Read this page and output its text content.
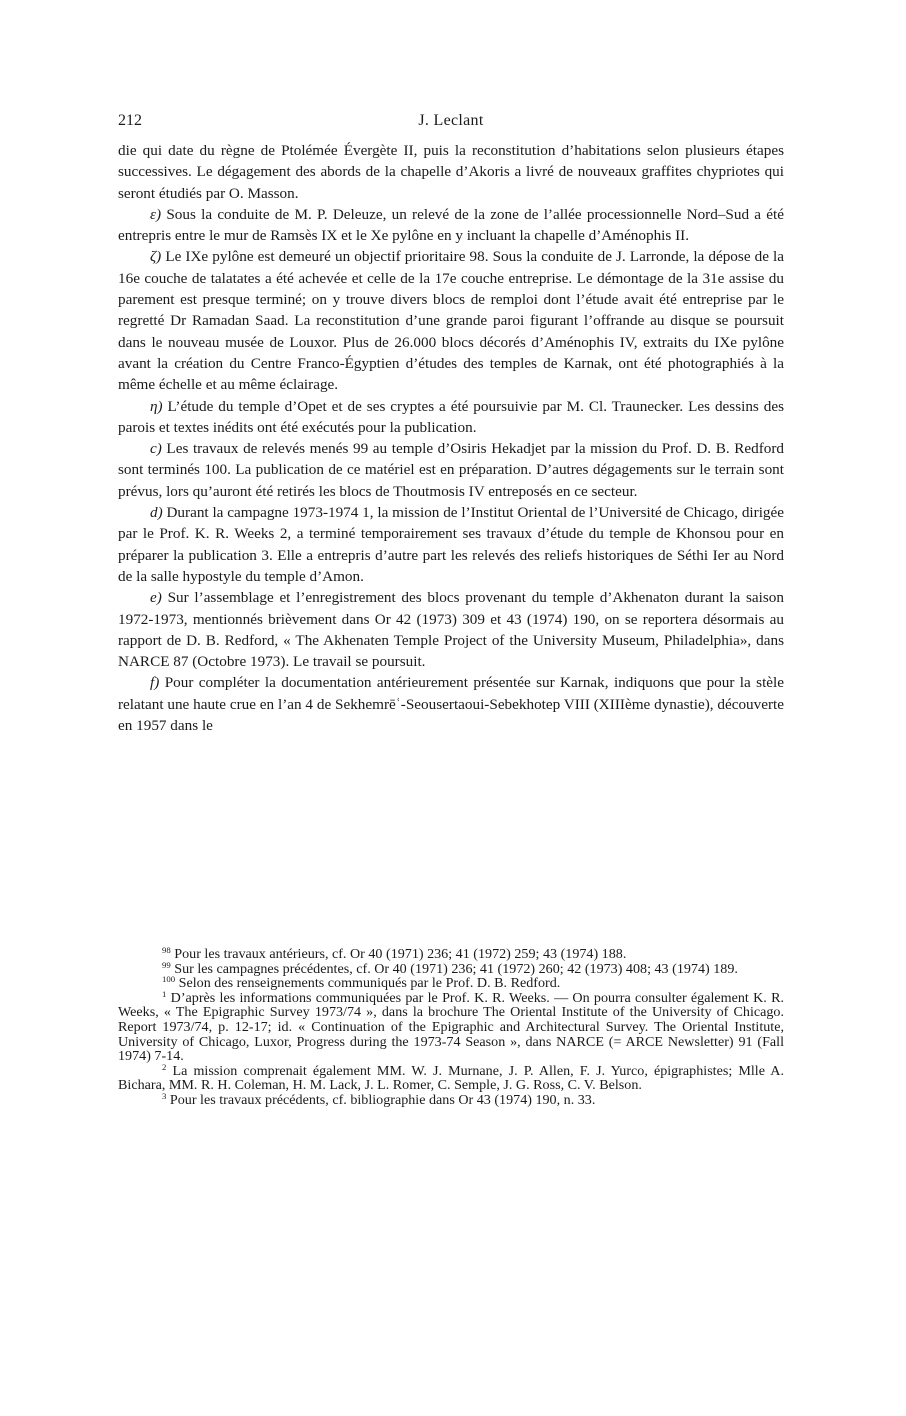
212	J. Leclant

die qui date du règne de Ptolémée Évergète II, puis la reconstitution d’habitations selon plusieurs étapes successives. Le dégagement des abords de la chapelle d’Akoris a livré de nouveaux graffites chypriotes qui seront étudiés par O. Masson.

ε) Sous la conduite de M. P. Deleuze, un relevé de la zone de l’allée processionnelle Nord–Sud a été entrepris entre le mur de Ramsès IX et le Xe pylône en y incluant la chapelle d’Aménophis II.

ζ) Le IXe pylône est demeuré un objectif prioritaire 98. Sous la conduite de J. Larronde, la dépose de la 16e couche de talatates a été achevée et celle de la 17e couche entreprise. Le démontage de la 31e assise du parement est presque terminé; on y trouve divers blocs de remploi dont l’étude avait été entreprise par le regretté Dr Ramadan Saad. La reconstitution d’une grande paroi figurant l’offrande au disque se poursuit dans le nouveau musée de Louxor. Plus de 26.000 blocs décorés d’Aménophis IV, extraits du IXe pylône avant la création du Centre Franco-Égyptien d’études des temples de Karnak, ont été photographiés à la même échelle et au même éclairage.

η) L’étude du temple d’Opet et de ses cryptes a été poursuivie par M. Cl. Traunecker. Les dessins des parois et textes inédits ont été exécutés pour la publication.

c) Les travaux de relevés menés 99 au temple d’Osiris Hekadjet par la mission du Prof. D. B. Redford sont terminés 100. La publication de ce matériel est en préparation. D’autres dégagements sur le terrain sont prévus, lors qu’auront été retirés les blocs de Thoutmosis IV entreposés en ce secteur.

d) Durant la campagne 1973-1974 1, la mission de l’Institut Oriental de l’Université de Chicago, dirigée par le Prof. K. R. Weeks 2, a terminé temporairement ses travaux d’étude du temple de Khonsou pour en préparer la publication 3. Elle a entrepris d’autre part les relevés des reliefs historiques de Séthi Ier au Nord de la salle hypostyle du temple d’Amon.

e) Sur l’assemblage et l’enregistrement des blocs provenant du temple d’Akhenaton durant la saison 1972-1973, mentionnés brièvement dans Or 42 (1973) 309 et 43 (1974) 190, on se reportera désormais au rapport de D. B. Redford, « The Akhenaten Temple Project of the University Museum, Philadelphia», dans NARCE 87 (Octobre 1973). Le travail se poursuit.

f) Pour compléter la documentation antérieurement présentée sur Karnak, indiquons que pour la stèle relatant une haute crue en l’an 4 de Sekhemrēʿ-Seousertaoui-Sebekhotep VIII (XIIIème dynastie), découverte en 1957 dans le

$^{98}$ Pour les travaux antérieurs, cf. Or 40 (1971) 236; 41 (1972) 259; 43 (1974) 188.

$^{99}$ Sur les campagnes précédentes, cf. Or 40 (1971) 236; 41 (1972) 260; 42 (1973) 408; 43 (1974) 189.

$^{100}$ Selon des renseignements communiqués par le Prof. D. B. Redford.

$^1$ D’après les informations communiquées par le Prof. K. R. Weeks. — On pourra consulter également K. R. Weeks, « The Epigraphic Survey 1973/74 », dans la brochure The Oriental Institute of the University of Chicago. Report 1973/74, p. 12-17; id. « Continuation of the Epigraphic and Architectural Survey. The Oriental Institute, University of Chicago, Luxor, Progress during the 1973-74 Season », dans NARCE (= ARCE Newsletter) 91 (Fall 1974) 7-14.

$^2$ La mission comprenait également MM. W. J. Murnane, J. P. Allen, F. J. Yurco, épigraphistes; Mlle A. Bichara, MM. R. H. Coleman, H. M. Lack, J. L. Romer, C. Semple, J. G. Ross, C. V. Belson.

$^3$ Pour les travaux précédents, cf. bibliographie dans Or 43 (1974) 190, n. 33.
